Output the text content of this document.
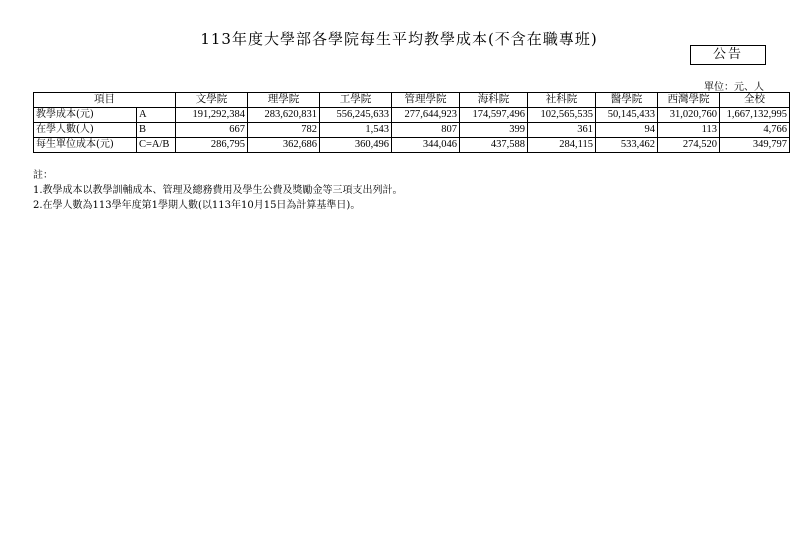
113年度大學部各學院每生平均教學成本(不含在職專班)
公告
單位：元、人
項目		文學院	理學院	工學院	管理學院	海科院	社科院	醫學院	西灣學院	全校
教學成本(元)	A	191,292,384	283,620,831	556,245,633	277,644,923	174,597,496	102,565,535	50,145,433	31,020,760	1,667,132,995
在學人數(人)	B	667	782	1,543	807	399	361	94	113	4,766
每生單位成本(元)	C=A/B	286,795	362,686	360,496	344,046	437,588	284,115	533,462	274,520	349,797
註：
1.教學成本以教學訓輔成本、管理及總務費用及學生公費及獎勵金等三項支出列計。
2.在學人數為113學年度第1學期人數(以113年10月15日為計算基準日)。
